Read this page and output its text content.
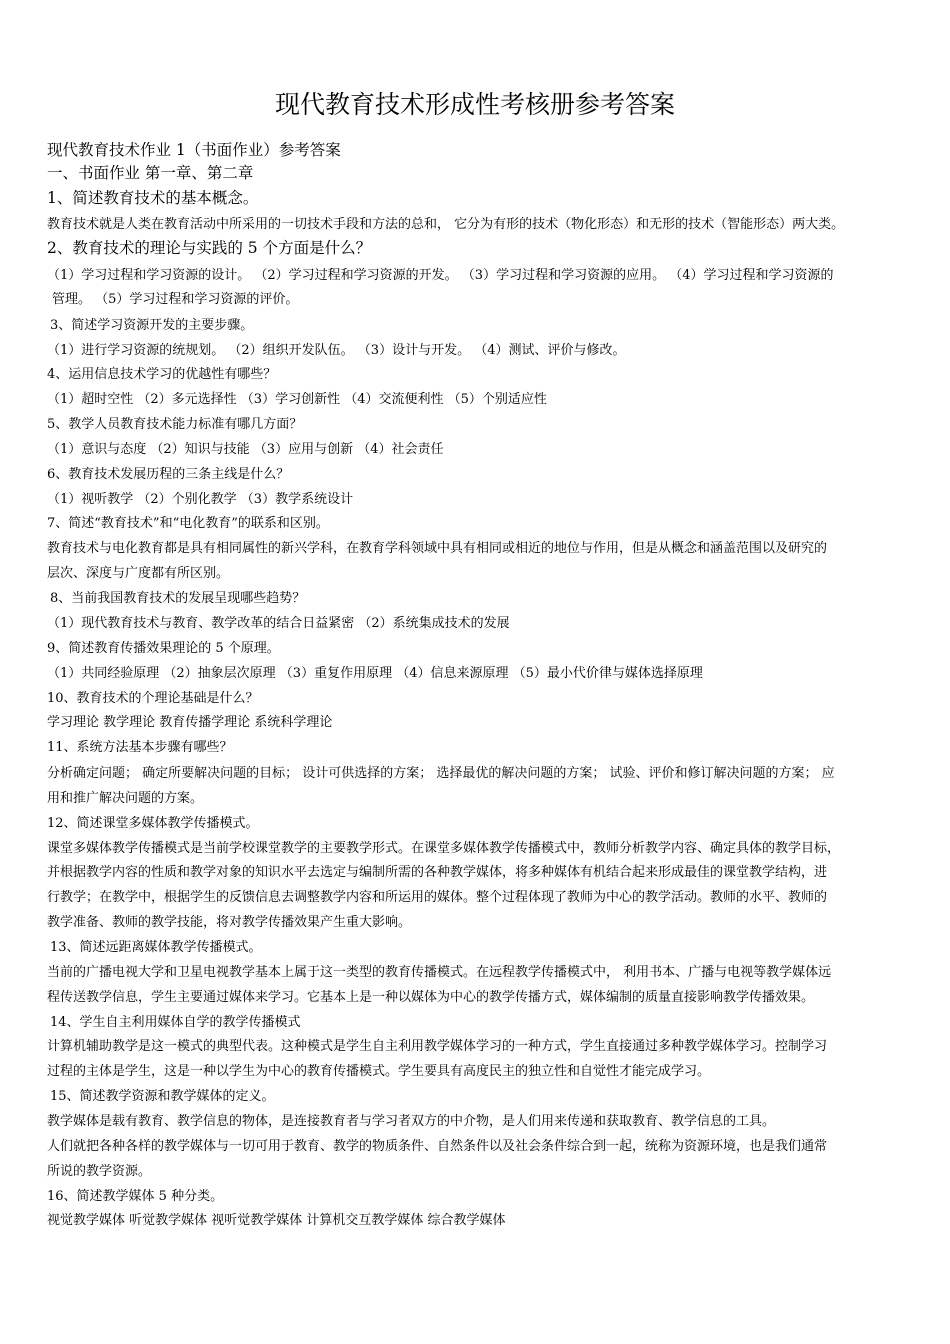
现代教育技术形成性考核册参考答案
现代教育技术作业 1（书面作业）参考答案
一、书面作业 第一章、第二章
1、简述教育技术的基本概念。
教育技术就是人类在教育活动中所采用的一切技术手段和方法的总和， 它分为有形的技术（物化形态）和无形的技术（智能形态）两大类。
2、教育技术的理论与实践的 5 个方面是什么？
（1）学习过程和学习资源的设计。 （2）学习过程和学习资源的开发。 （3）学习过程和学习资源的应用。 （4）学习过程和学习资源的
管理。 （5）学习过程和学习资源的评价。
3、简述学习资源开发的主要步骤。
（1）进行学习资源的统规划。 （2）组织开发队伍。 （3）设计与开发。 （4）测试、评价与修改。
4、运用信息技术学习的优越性有哪些？
（1）超时空性 （2）多元选择性 （3）学习创新性 （4）交流便利性 （5）个别适应性
5、教学人员教育技术能力标准有哪几方面？
（1）意识与态度 （2）知识与技能 （3）应用与创新 （4）社会责任
6、教育技术发展历程的三条主线是什么？
（1）视听教学 （2）个别化教学 （3）教学系统设计
7、简述“教育技术”和“电化教育”的联系和区别。
教育技术与电化教育都是具有相同属性的新兴学科，在教育学科领域中具有相同或相近的地位与作用，但是从概念和涵盖范围以及研究的
层次、深度与广度都有所区别。
8、当前我国教育技术的发展呈现哪些趋势？
（1）现代教育技术与教育、教学改革的结合日益紧密 （2）系统集成技术的发展
9、简述教育传播效果理论的 5 个原理。
（1）共同经验原理 （2）抽象层次原理 （3）重复作用原理 （4）信息来源原理 （5）最小代价律与媒体选择原理
10、教育技术的个理论基础是什么？
学习理论 教学理论 教育传播学理论 系统科学理论
11、系统方法基本步骤有哪些？
分析确定问题； 确定所要解决问题的目标； 设计可供选择的方案； 选择最优的解决问题的方案； 试验、评价和修订解决问题的方案； 应
用和推广解决问题的方案。
12、简述课堂多媒体教学传播模式。
课堂多媒体教学传播模式是当前学校课堂教学的主要教学形式。在课堂多媒体教学传播模式中，教师分析教学内容、确定具体的教学目标，
并根据教学内容的性质和教学对象的知识水平去选定与编制所需的各种教学媒体，将多种媒体有机结合起来形成最佳的课堂教学结构，进
行教学；在教学中，根据学生的反馈信息去调整教学内容和所运用的媒体。整个过程体现了教师为中心的教学活动。教师的水平、教师的
教学准备、教师的教学技能，将对教学传播效果产生重大影响。
13、简述远距离媒体教学传播模式。
当前的广播电视大学和卫星电视教学基本上属于这一类型的教育传播模式。在远程教学传播模式中， 利用书本、广播与电视等教学媒体远
程传送教学信息，学生主要通过媒体来学习。它基本上是一种以媒体为中心的教学传播方式，媒体编制的质量直接影响教学传播效果。
14、学生自主利用媒体自学的教学传播模式
计算机辅助教学是这一模式的典型代表。这种模式是学生自主利用教学媒体学习的一种方式，学生直接通过多种教学媒体学习。控制学习
过程的主体是学生，这是一种以学生为中心的教育传播模式。学生要具有高度民主的独立性和自觉性才能完成学习。
15、简述教学资源和教学媒体的定义。
教学媒体是载有教育、教学信息的物体，是连接教育者与学习者双方的中介物，是人们用来传递和获取教育、教学信息的工具。
人们就把各种各样的教学媒体与一切可用于教育、教学的物质条件、自然条件以及社会条件综合到一起，统称为资源环境，也是我们通常
所说的教学资源。
16、简述教学媒体 5 种分类。
视觉教学媒体 听觉教学媒体 视听觉教学媒体 计算机交互教学媒体 综合教学媒体
